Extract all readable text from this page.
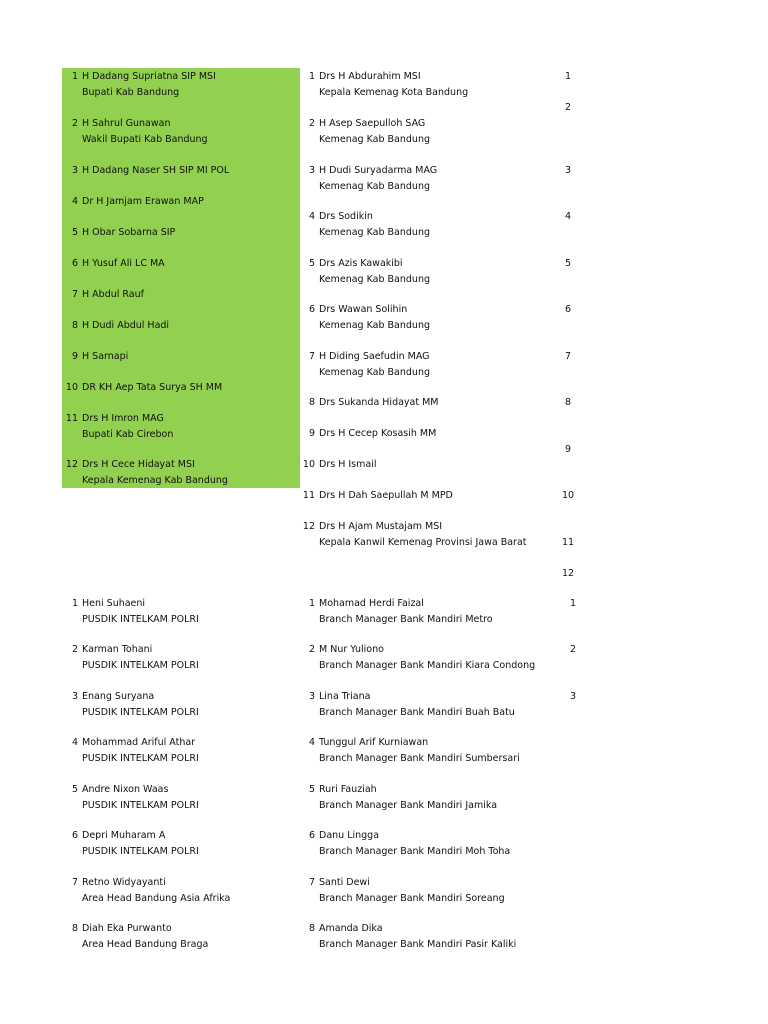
1 H Dadang Supriatna SIP MSI
Bupati Kab Bandung
2 H Sahrul Gunawan
Wakil Bupati Kab Bandung
3 H Dadang Naser SH SIP MI POL
4 Dr H Jamjam Erawan MAP
5 H Obar Sobarna SIP
6 H Yusuf Ali LC MA
7 H Abdul Rauf
8 H Dudi Abdul Hadi
9 H Sarnapi
10 DR KH Aep Tata Surya SH MM
11 Drs H Imron MAG
Bupati Kab Cirebon
12 Drs H Cece Hidayat MSI
Kepala Kemenag Kab Bandung
1 Drs H Abdurahim MSI
Kepala Kemenag Kota Bandung
2 H Asep Saepulloh SAG
Kemenag Kab Bandung
3 H Dudi Suryadarma MAG
Kemenag Kab Bandung
4 Drs Sodikin
Kemenag Kab Bandung
5 Drs Azis Kawakibi
Kemenag Kab Bandung
6 Drs Wawan Solihin
Kemenag Kab Bandung
7 H Diding Saefudin MAG
Kemenag Kab Bandung
8 Drs Sukanda Hidayat MM
9 Drs H Cecep Kosasih MM
10 Drs H Ismail
11 Drs H Dah Saepullah M MPD
12 Drs H Ajam Mustajam MSI
Kepala Kanwil Kemenag Provinsi Jawa Barat
1
2
3
4
5
6
7
8
9
10
11
12
1 Heni Suhaeni
PUSDIK INTELKAM POLRI
2 Karman Tohani
PUSDIK INTELKAM POLRI
3 Enang Suryana
PUSDIK INTELKAM POLRI
4 Mohammad Ariful Athar
PUSDIK INTELKAM POLRI
5 Andre Nixon Waas
PUSDIK INTELKAM POLRI
6 Depri Muharam A
PUSDIK INTELKAM POLRI
7 Retno Widyayanti
Area Head Bandung Asia Afrika
8 Diah Eka Purwanto
Area Head Bandung Braga
1 Mohamad Herdi Faizal
Branch Manager Bank Mandiri Metro
2 M Nur Yuliono
Branch Manager Bank Mandiri Kiara Condong
3 Lina Triana
Branch Manager Bank Mandiri Buah Batu
4 Tunggul Arif Kurniawan
Branch Manager Bank Mandiri Sumbersari
5 Ruri Fauziah
Branch Manager Bank Mandiri Jamika
6 Danu Lingga
Branch Manager Bank Mandiri Moh Toha
7 Santi Dewi
Branch Manager Bank Mandiri Soreang
8 Amanda Dika
Branch Manager Bank Mandiri Pasir Kaliki
1
2
3
